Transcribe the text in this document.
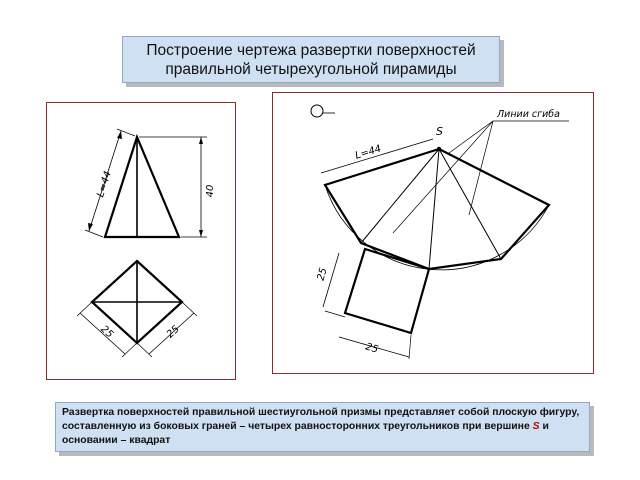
Построение чертежа развертки поверхностей
правильной четырехугольной пирамиды
L=44	40
25	25
Q
S
Линии сгиба
L=44
25
25
Развертка поверхностей правильной шестиугольной призмы представляет собой плоскую фигуру, составленную из боковых граней – четырех равносторонних треугольников при вершине S и основании – квадрат
